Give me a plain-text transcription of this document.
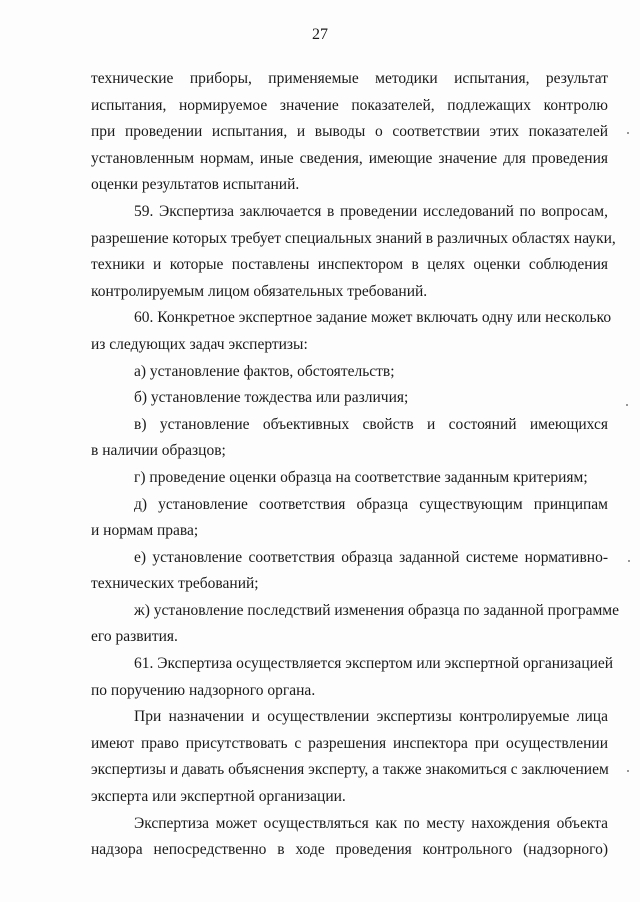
27
технические приборы, применяемые методики испытания, результат
испытания, нормируемое значение показателей, подлежащих контролю
при проведении испытания, и выводы о соответствии этих показателей
установленным нормам, иные сведения, имеющие значение для проведения
оценки результатов испытаний.
59. Экспертиза заключается в проведении исследований по вопросам,
разрешение которых требует специальных знаний в различных областях науки,
техники и которые поставлены инспектором в целях оценки соблюдения
контролируемым лицом обязательных требований.
60. Конкретное экспертное задание может включать одну или несколько
из следующих задач экспертизы:
а) установление фактов, обстоятельств;
б) установление тождества или различия;
в) установление объективных свойств и состояний имеющихся
в наличии образцов;
г) проведение оценки образца на соответствие заданным критериям;
д) установление соответствия образца существующим принципам
и нормам права;
е) установление соответствия образца заданной системе нормативно-
технических требований;
ж) установление последствий изменения образца по заданной программе
его развития.
61. Экспертиза осуществляется экспертом или экспертной организацией
по поручению надзорного органа.
При назначении и осуществлении экспертизы контролируемые лица
имеют право присутствовать с разрешения инспектора при осуществлении
экспертизы и давать объяснения эксперту, а также знакомиться с заключением
эксперта или экспертной организации.
Экспертиза может осуществляться как по месту нахождения объекта
надзора непосредственно в ходе проведения контрольного (надзорного)
